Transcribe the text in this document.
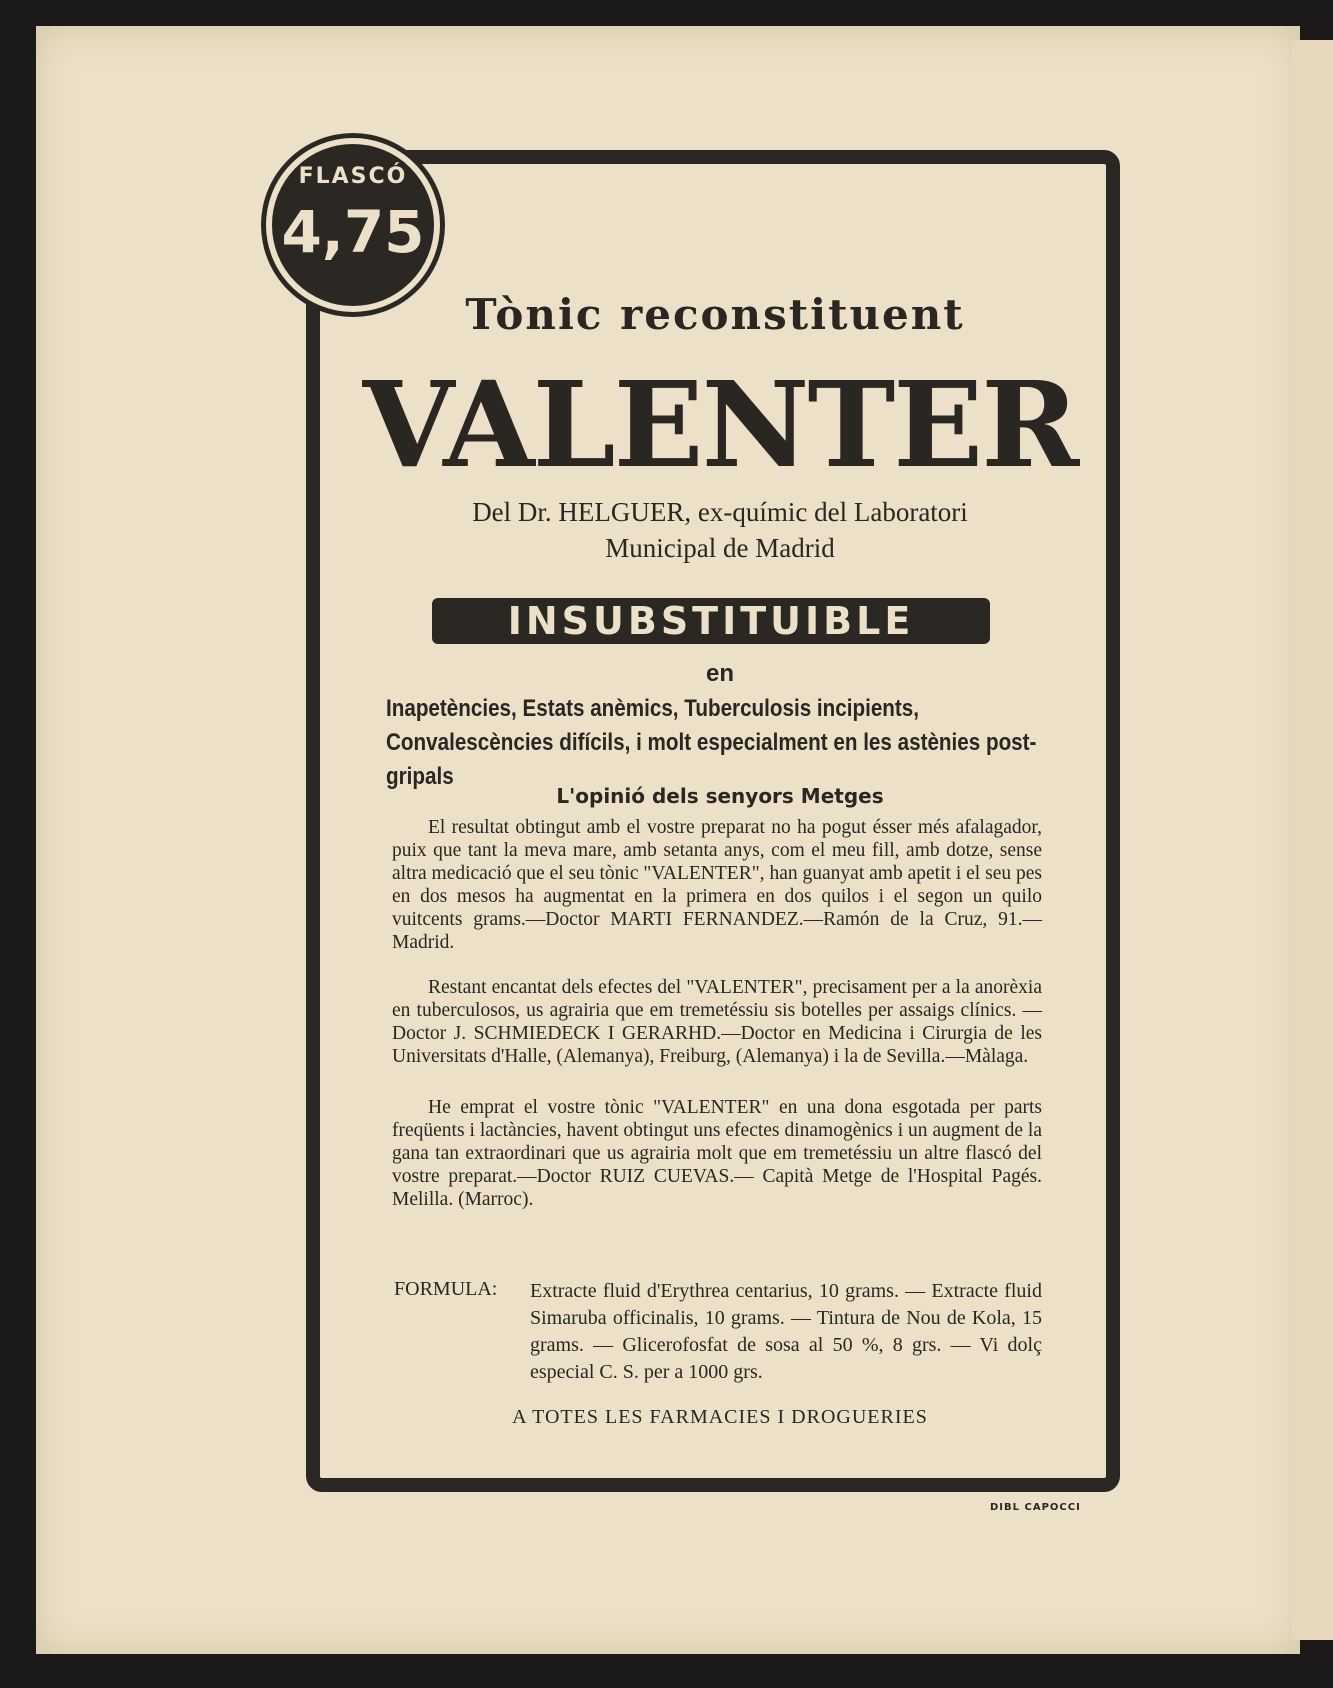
FLASCÓ
4,75
Tònic reconstituent
VALENTER
Del Dr. HELGUER, ex-químic del Laboratori
Municipal de Madrid
INSUBSTITUIBLE
en
Inapetències, Estats anèmics, Tuberculosis incipients, Convalescències difícils, i molt especialment en les astènies post-gripals
L'opinió dels senyors Metges
El resultat obtingut amb el vostre preparat no ha pogut ésser més afalagador, puix que tant la meva mare, amb setanta anys, com el meu fill, amb dotze, sense altra medicació que el seu tònic "VALENTER", han guanyat amb apetit i el seu pes en dos mesos ha augmentat en la primera en dos quilos i el segon un quilo vuitcents grams.—Doctor MARTI FERNANDEZ.—Ramón de la Cruz, 91.—Madrid.
Restant encantat dels efectes del "VALENTER", precisament per a la anorèxia en tuberculosos, us agrairia que em tremetéssiu sis botelles per assaigs clínics. — Doctor J. SCHMIEDECK I GERARHD.—Doctor en Medicina i Cirurgia de les Universitats d'Halle, (Alemanya), Freiburg, (Alemanya) i la de Sevilla.—Màlaga.
He emprat el vostre tònic "VALENTER" en una dona esgotada per parts freqüents i lactàncies, havent obtingut uns efectes dinamogènics i un augment de la gana tan extraordinari que us agrairia molt que em tremetéssiu un altre flascó del vostre preparat.—Doctor RUIZ CUEVAS.— Capità Metge de l'Hospital Pagés. Melilla. (Marroc).
FORMULA: Extracte fluid d'Erythrea centarius, 10 grams. — Extracte fluid Simaruba officinalis, 10 grams. — Tintura de Nou de Kola, 15 grams. — Glicerofosfat de sosa al 50 %, 8 grs. — Vi dolç especial C. S. per a 1000 grs.
A TOTES LES FARMACIES I DROGUERIES
DIBL CAPOCCI
